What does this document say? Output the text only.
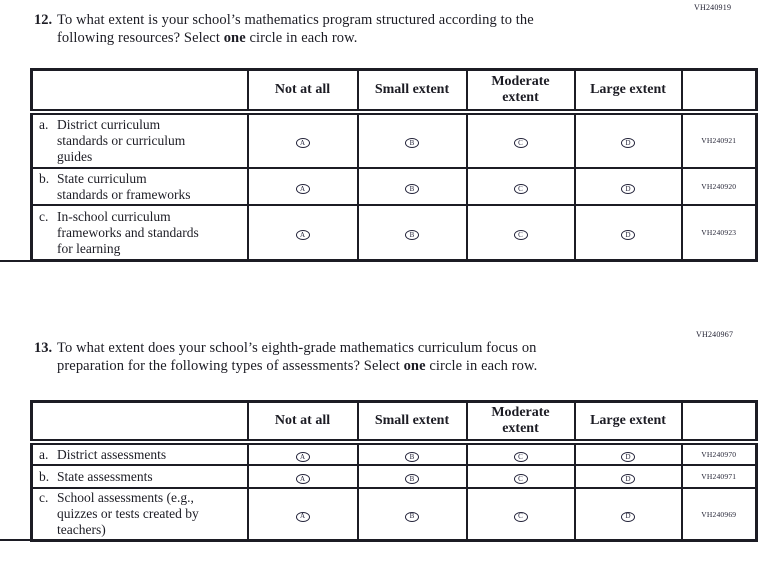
VH240919
12. To what extent is your school’s mathematics program structured according to the
following resources? Select one circle in each row.
	Not at all	Small extent	Moderate extent	Large extent	

a. District curriculum
standards or curriculum
guides	A	B	C	D	VH240921

b. State curriculum
standards or frameworks	A	B	C	D	VH240920

c. In-school curriculum
frameworks and standards
for learning	A	B	C	D	VH240923
VH240967
13. To what extent does your school’s eighth-grade mathematics curriculum focus on
preparation for the following types of assessments? Select one circle in each row.
	Not at all	Small extent	Moderate extent	Large extent	

a. District assessments	A	B	C	D	VH240970

b. State assessments	A	B	C	D	VH240971

c. School assessments (e.g.,
quizzes or tests created by
teachers)	A	B	C	D	VH240969
